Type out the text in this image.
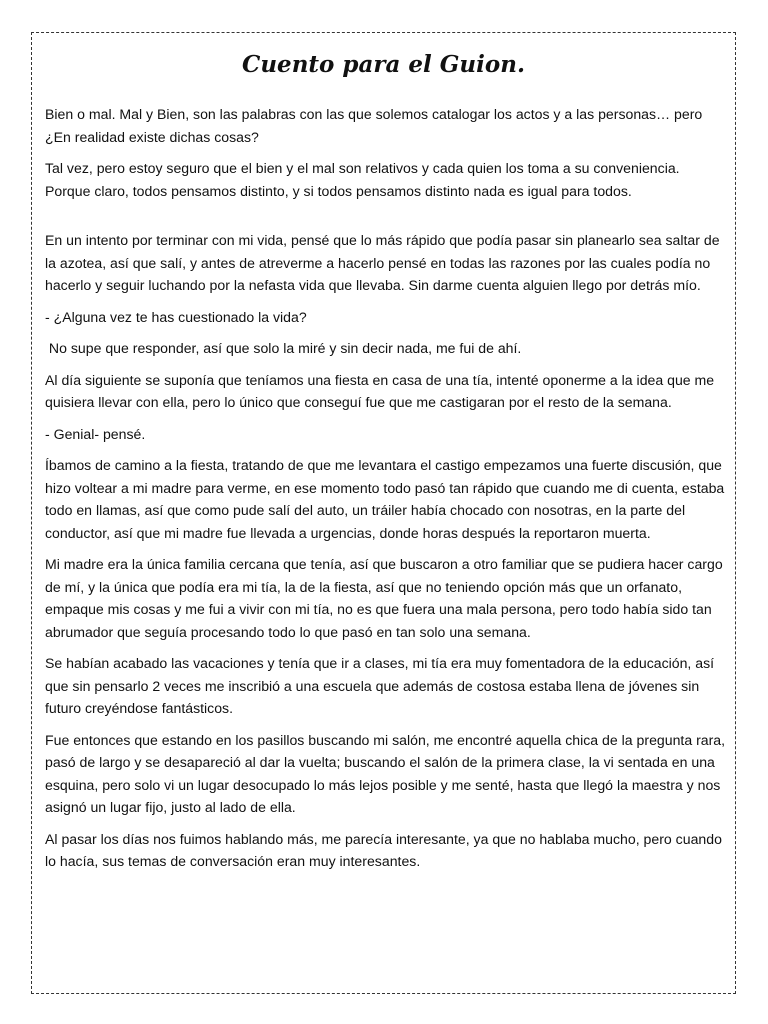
Cuento para el Guion.

Bien o mal. Mal y Bien, son las palabras con las que solemos catalogar los actos y a las personas… pero ¿En realidad existe dichas cosas?

Tal vez, pero estoy seguro que el bien y el mal son relativos y cada quien los toma a su conveniencia. Porque claro, todos pensamos distinto, y si todos pensamos distinto nada es igual para todos.

En un intento por terminar con mi vida, pensé que lo más rápido que podía pasar sin planearlo sea saltar de la azotea, así que salí, y antes de atreverme a hacerlo pensé en todas las razones por las cuales podía no hacerlo y seguir luchando por la nefasta vida que llevaba. Sin darme cuenta alguien llego por detrás mío.

- ¿Alguna vez te has cuestionado la vida?

No supe que responder, así que solo la miré y sin decir nada, me fui de ahí.

Al día siguiente se suponía que teníamos una fiesta en casa de una tía, intenté oponerme a la idea que me quisiera llevar con ella, pero lo único que conseguí fue que me castigaran por el resto de la semana.

- Genial- pensé.

Íbamos de camino a la fiesta, tratando de que me levantara el castigo empezamos una fuerte discusión, que hizo voltear a mi madre para verme, en ese momento todo pasó tan rápido que cuando me di cuenta, estaba todo en llamas, así que como pude salí del auto, un tráiler había chocado con nosotras, en la parte del conductor, así que mi madre fue llevada a urgencias, donde horas después la reportaron muerta.

Mi madre era la única familia cercana que tenía, así que buscaron a otro familiar que se pudiera hacer cargo de mí, y la única que podía era mi tía, la de la fiesta, así que no teniendo opción más que un orfanato, empaque mis cosas y me fui a vivir con mi tía, no es que fuera una mala persona, pero todo había sido tan abrumador que seguía procesando todo lo que pasó en tan solo una semana.

Se habían acabado las vacaciones y tenía que ir a clases, mi tía era muy fomentadora de la educación, así que sin pensarlo 2 veces me inscribió a una escuela que además de costosa estaba llena de jóvenes sin futuro creyéndose fantásticos.

Fue entonces que estando en los pasillos buscando mi salón, me encontré aquella chica de la pregunta rara, pasó de largo y se desapareció al dar la vuelta; buscando el salón de la primera clase, la vi sentada en una esquina, pero solo vi un lugar desocupado lo más lejos posible y me senté, hasta que llegó la maestra y nos asignó un lugar fijo, justo al lado de ella.

Al pasar los días nos fuimos hablando más, me parecía interesante, ya que no hablaba mucho, pero cuando lo hacía, sus temas de conversación eran muy interesantes.
